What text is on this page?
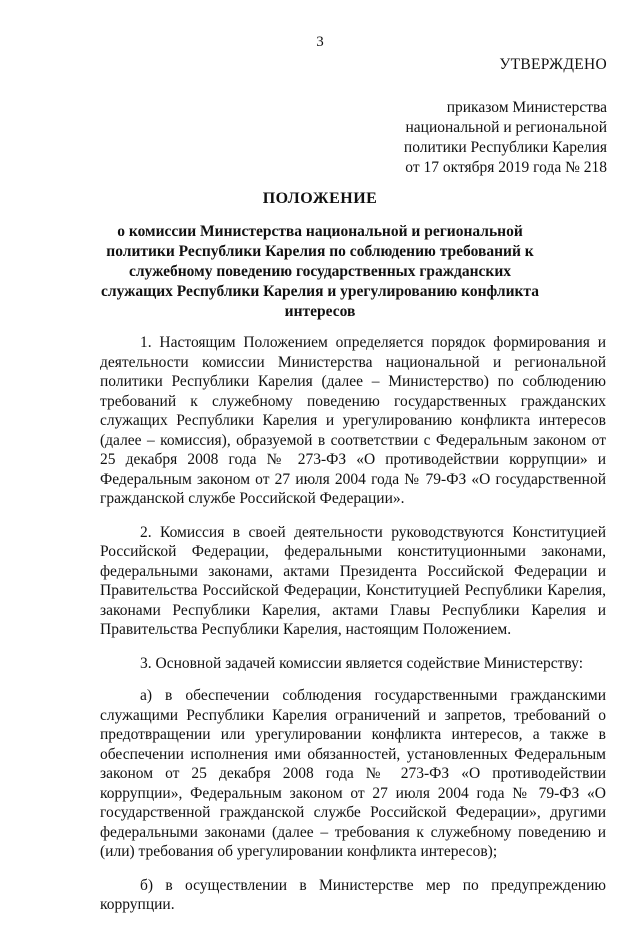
3
УТВЕРЖДЕНО
приказом Министерства
национальной и региональной
политики Республики Карелия
от 17 октября 2019 года № 218
ПОЛОЖЕНИЕ
о комиссии Министерства национальной и региональной политики Республики Карелия по соблюдению требований к служебному поведению государственных гражданских служащих Республики Карелия и урегулированию конфликта интересов

1. Настоящим Положением определяется порядок формирования и деятельности комиссии Министерства национальной и региональной политики Республики Карелия (далее – Министерство) по соблюдению требований к служебному поведению государственных гражданских служащих Республики Карелия и урегулированию конфликта интересов (далее – комиссия), образуемой в соответствии с Федеральным законом от 25 декабря 2008 года № 273-ФЗ «О противодействии коррупции» и Федеральным законом от 27 июля 2004 года № 79-ФЗ «О государственной гражданской службе Российской Федерации».

2. Комиссия в своей деятельности руководствуются Конституцией Российской Федерации, федеральными конституционными законами, федеральными законами, актами Президента Российской Федерации и Правительства Российской Федерации, Конституцией Республики Карелия, законами Республики Карелия, актами Главы Республики Карелия и Правительства Республики Карелия, настоящим Положением.

3. Основной задачей комиссии является содействие Министерству:

а) в обеспечении соблюдения государственными гражданскими служащими Республики Карелия ограничений и запретов, требований о предотвращении или урегулировании конфликта интересов, а также в обеспечении исполнения ими обязанностей, установленных Федеральным законом от 25 декабря 2008 года № 273-ФЗ «О противодействии коррупции», Федеральным законом от 27 июля 2004 года № 79-ФЗ «О государственной гражданской службе Российской Федерации», другими федеральными законами (далее – требования к служебному поведению и (или) требования об урегулировании конфликта интересов);

б) в осуществлении в Министерстве мер по предупреждению коррупции.
